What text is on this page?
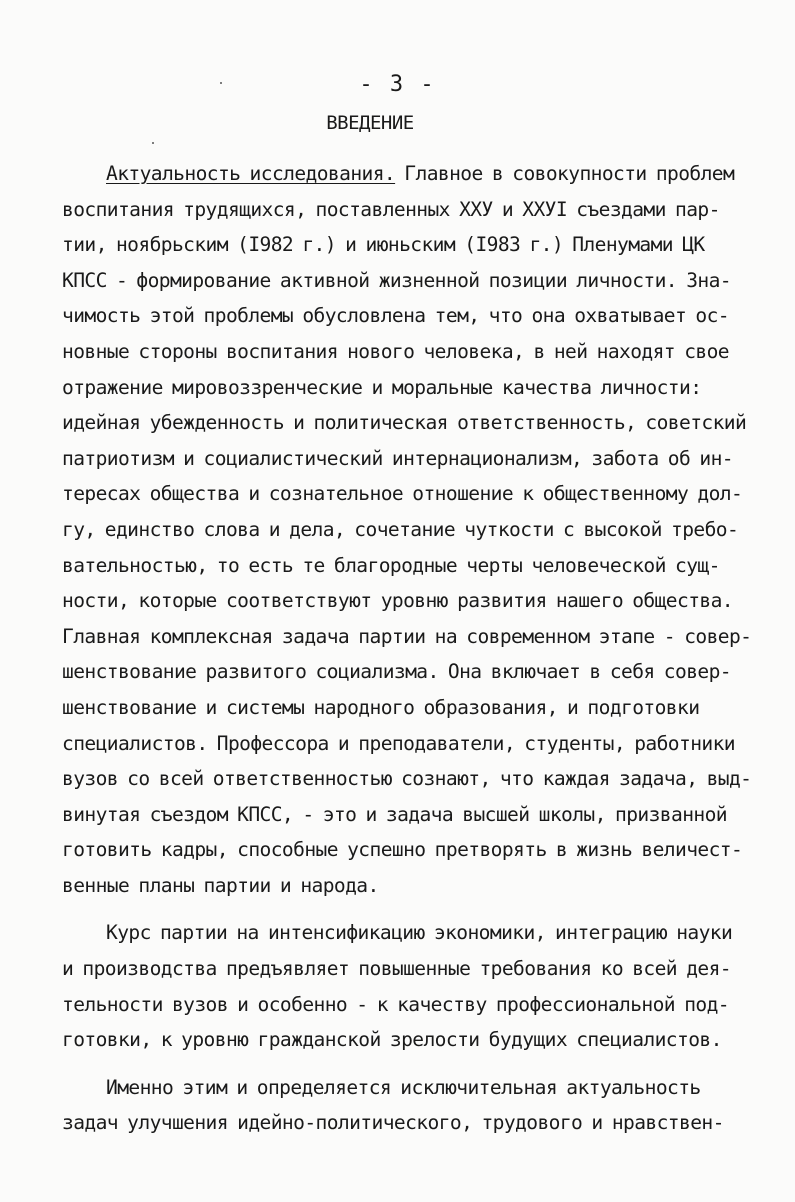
- 3 -
ВВЕДЕНИЕ
Актуальность исследования. Главное в совокупности проблем
воспитания трудящихся, поставленных ХХУ и ХХУI съездами пар-
тии, ноябрьским (I982 г.) и июньским (I983 г.) Пленумами ЦК
КПСС - формирование активной жизненной позиции личности. Зна-
чимость этой проблемы обусловлена тем, что она охватывает ос-
новные стороны воспитания нового человека, в ней находят свое
отражение мировоззренческие и моральные качества личности:
идейная убежденность и политическая ответственность, советский
патриотизм и социалистический интернационализм, забота об ин-
тересах общества и сознательное отношение к общественному дол-
гу, единство слова и дела, сочетание чуткости с высокой требо-
вательностью, то есть те благородные черты человеческой сущ-
ности, которые соответствуют уровню развития нашего общества.
Главная комплексная задача партии на современном этапе - совер-
шенствование развитого социализма. Она включает в себя совер-
шенствование и системы народного образования, и подготовки
специалистов. Профессора и преподаватели, студенты, работники
вузов со всей ответственностью сознают, что каждая задача, выд-
винутая съездом КПСС, - это и задача высшей школы, призванной
готовить кадры, способные успешно претворять в жизнь величест-
венные планы партии и народа.
Курс партии на интенсификацию экономики, интеграцию науки
и производства предъявляет повышенные требования ко всей дея-
тельности вузов и особенно - к качеству профессиональной под-
готовки, к уровню гражданской зрелости будущих специалистов.
Именно этим и определяется исключительная актуальность
задач улучшения идейно-политического, трудового и нравствен-
